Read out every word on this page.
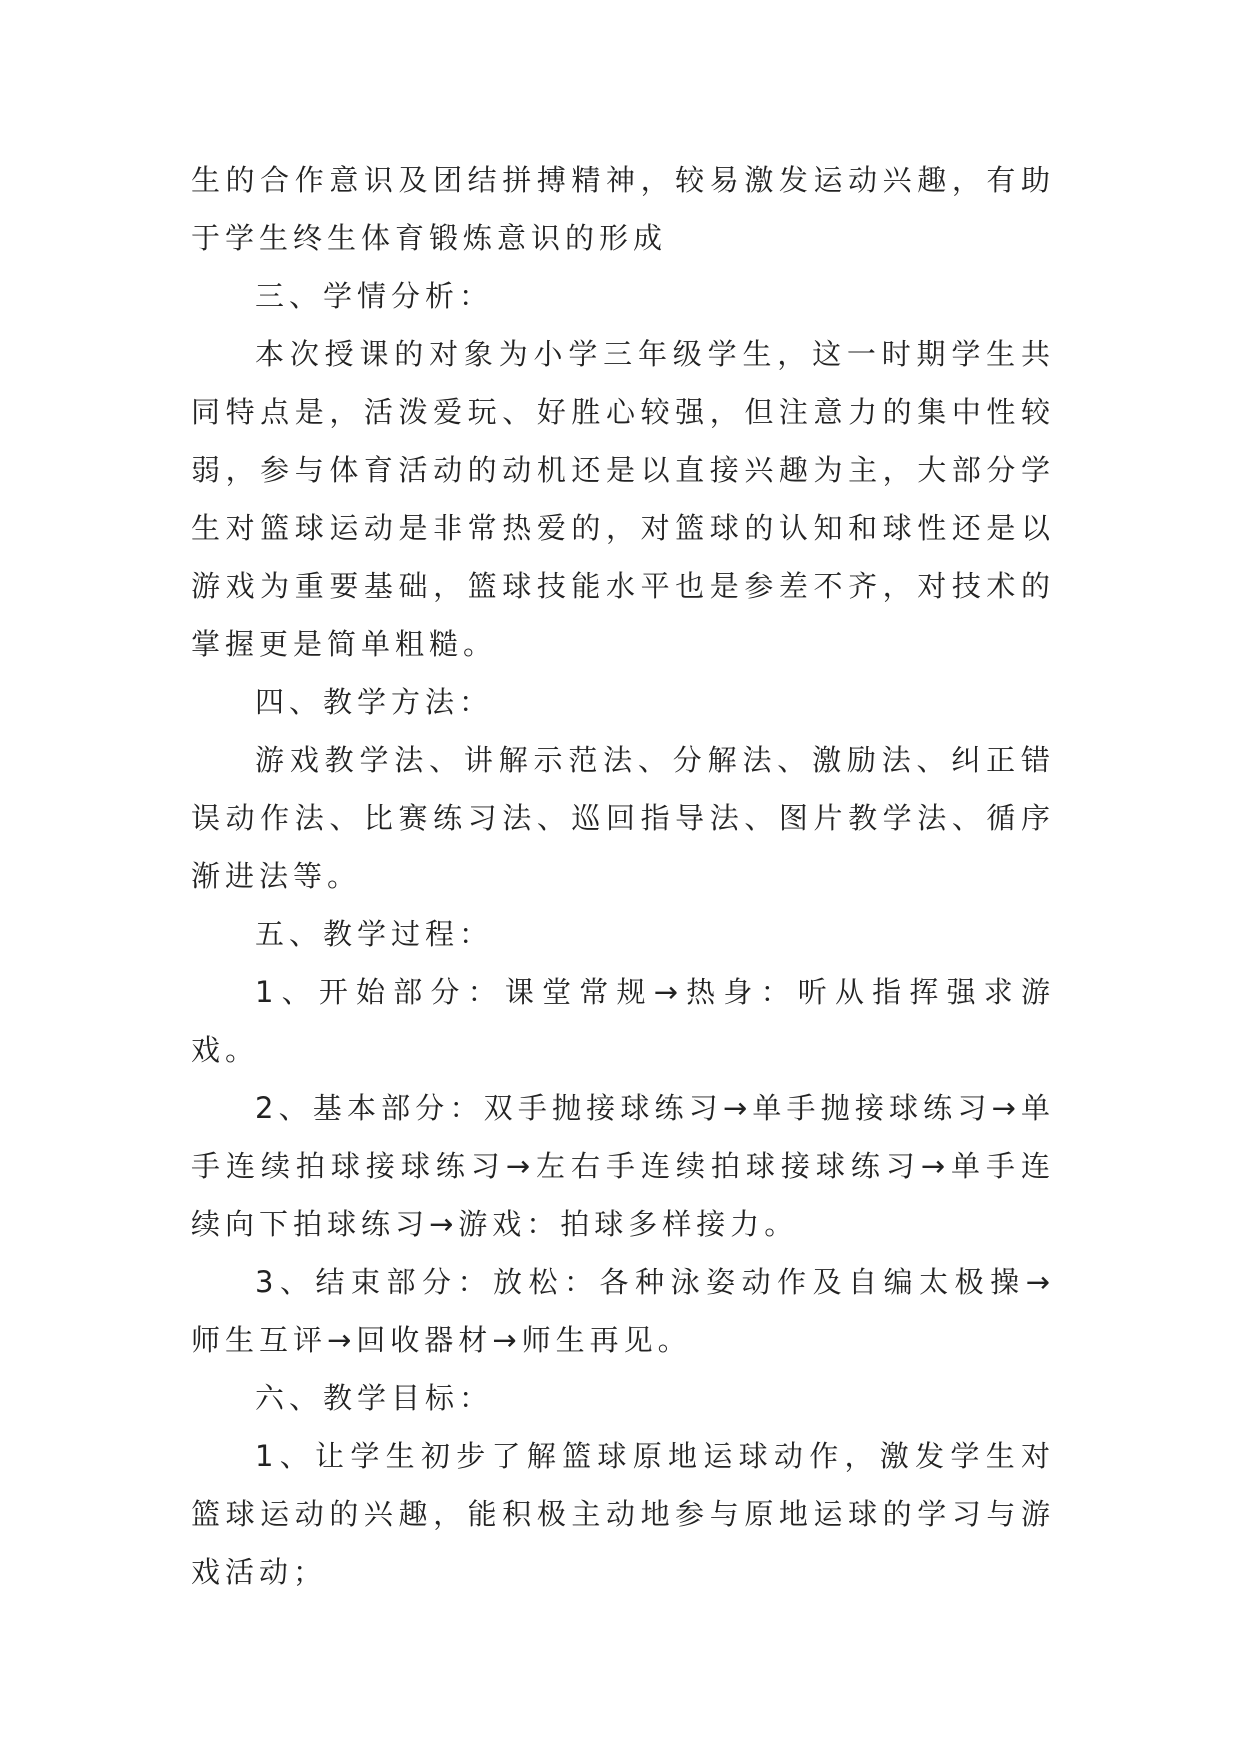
生的合作意识及团结拼搏精神，较易激发运动兴趣，有助于学生终生体育锻炼意识的形成

三、学情分析：

本次授课的对象为小学三年级学生，这一时期学生共同特点是，活泼爱玩、好胜心较强，但注意力的集中性较弱，参与体育活动的动机还是以直接兴趣为主，大部分学生对篮球运动是非常热爱的，对篮球的认知和球性还是以游戏为重要基础，篮球技能水平也是参差不齐，对技术的掌握更是简单粗糙。

四、教学方法：

游戏教学法、讲解示范法、分解法、激励法、纠正错误动作法、比赛练习法、巡回指导法、图片教学法、循序渐进法等。

五、教学过程：

1、开始部分：课堂常规→热身：听从指挥强求游戏。

2、基本部分：双手抛接球练习→单手抛接球练习→单手连续拍球接球练习→左右手连续拍球接球练习→单手连续向下拍球练习→游戏：拍球多样接力。

3、结束部分：放松：各种泳姿动作及自编太极操→师生互评→回收器材→师生再见。

六、教学目标：

1、让学生初步了解篮球原地运球动作，激发学生对篮球运动的兴趣，能积极主动地参与原地运球的学习与游戏活动；
